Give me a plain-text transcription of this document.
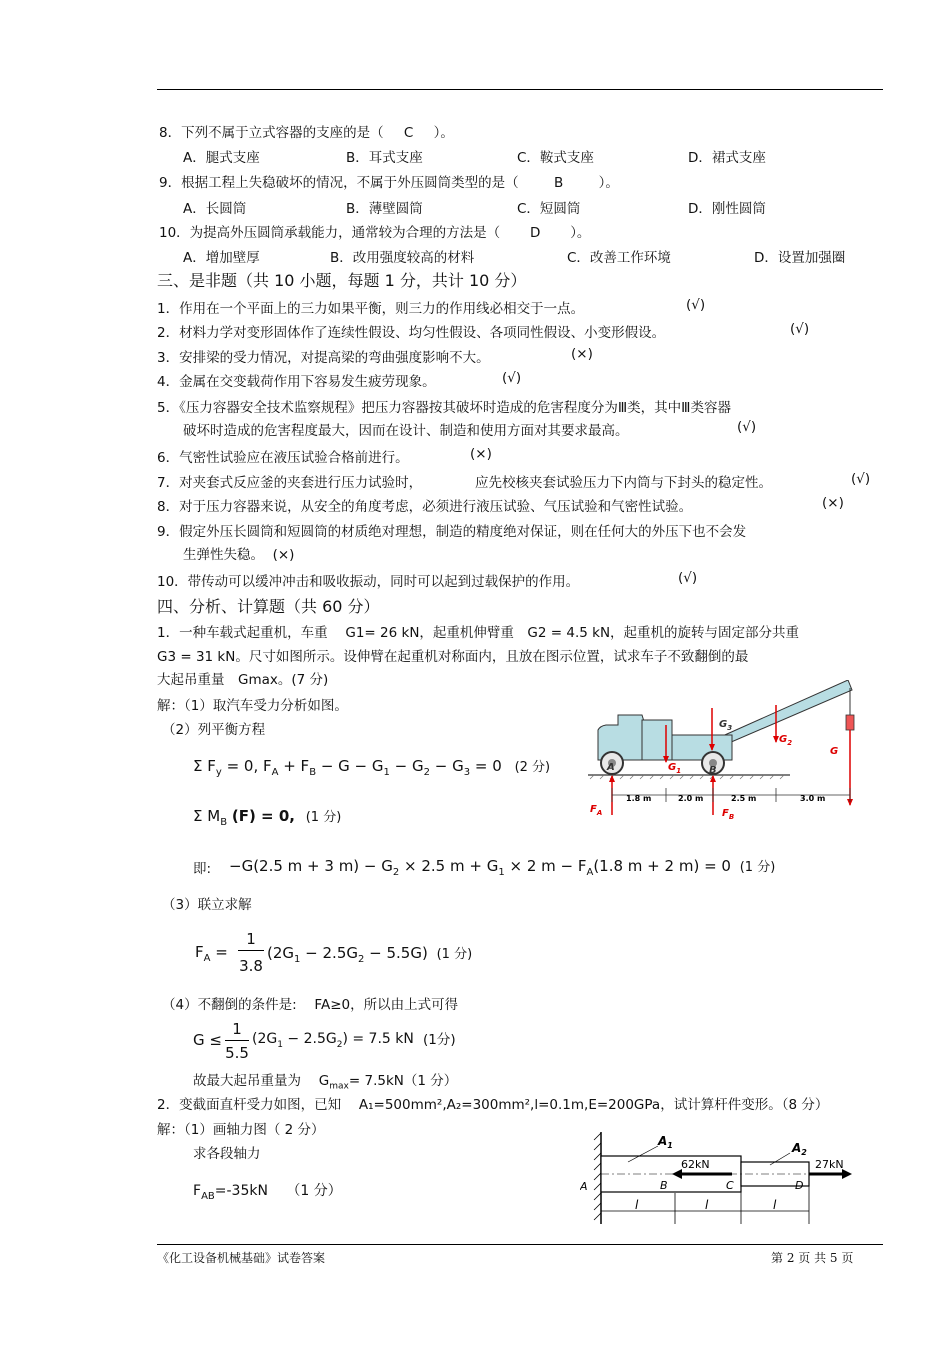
8．下列不属于立式容器的支座的是（ C ）。
A．腿式支座	B．耳式支座	C．鞍式支座	D．裙式支座
9．根据工程上失稳破坏的情况，不属于外压圆筒类型的是（	B	）。
A．长圆筒	B．薄壁圆筒	C．短圆筒	D．刚性圆筒
10．为提高外压圆筒承载能力，通常较为合理的方法是（ D ）。
A．增加壁厚	B．改用强度较高的材料	C．改善工作环境	D．设置加强圈
三、是非题（共 10 小题，每题 1 分，共计 10 分）
1．作用在一个平面上的三力如果平衡，则三力的作用线必相交于一点。	(√)
2．材料力学对变形固体作了连续性假设、均匀性假设、各项同性假设、小变形假设。	(√)
3．安排梁的受力情况，对提高梁的弯曲强度影响不大。	(×)
4．金属在交变载荷作用下容易发生疲劳现象。	(√)
5．《压力容器安全技术监察规程》把压力容器按其破坏时造成的危害程度分为Ⅲ类，其中Ⅲ类容器
破坏时造成的危害程度最大，因而在设计、制造和使用方面对其要求最高。	(√)
6．气密性试验应在液压试验合格前进行。	(×)
7．对夹套式反应釜的夹套进行压力试验时，	应先校核夹套试验压力下内筒与下封头的稳定性。	(√)
8．对于压力容器来说，从安全的角度考虑，必须进行液压试验、气压试验和气密性试验。	(×)
9．假定外压长圆筒和短圆筒的材质绝对理想，制造的精度绝对保证，则在任何大的外压下也不会发
生弹性失稳。 (×)
10．带传动可以缓冲冲击和吸收振动，同时可以起到过载保护的作用。	(√)
四、分析、计算题（共 60 分）
1．一种车载式起重机，车重　 G1= 26 kN，起重机伸臂重　G2 = 4.5 kN，起重机的旋转与固定部分共重
G3 = 31 kN。尺寸如图所示。设伸臂在起重机对称面内，且放在图示位置，试求车子不致翻倒的最
大起吊重量　Gmax。(7 分)
解：（1）取汽车受力分析如图。
（2）列平衡方程
Σ $F_y = 0$, $F_A + F_B - G - G_1 - G_2 - G_3 = 0$ (2 分)
Σ $M_B$ (F) = 0, (1 分)
即: −G(2.5 m + 3 $m) - G_2 \times 2.5$ $m + G_1 \times 2$ $m - F_A(1.8$ m + 2 m) = 0 (1 分)
（3）联立求解
$F_A$ =
1
3.8
$(2G_1 - 2.5G_2 - 5.5G)$ (1 分)
（4）不翻倒的条件是:　 FA≥0，所以由上式可得
G ≤
1
5.5
$(2G_1 - 2.5G_2) = 7.5$ kN (1分)
故最大起吊重量为　 $G_{max}= 7.5kN(1$ 分）
2．变截面直杆受力如图，已知　 A₁=500mm²,A₂=300mm²,l=0.1m,E=200GPa，试计算杆件变形。（8 分）
解：（1）画轴力图（ 2 分）
求各段轴力
$F_{AB}=-35kN$ （1 分）
1.8 m	2.0 m	2.5 m	3.0 m
$G_3$
$G_2$
G
$G_1$
A	B
$F_A$	$F_B$
$A_1$	$A_2$
62kN	27kN
A	B	C	D
l	l	l
《化工设备机械基础》试卷答案	第 2 页 共 5 页
